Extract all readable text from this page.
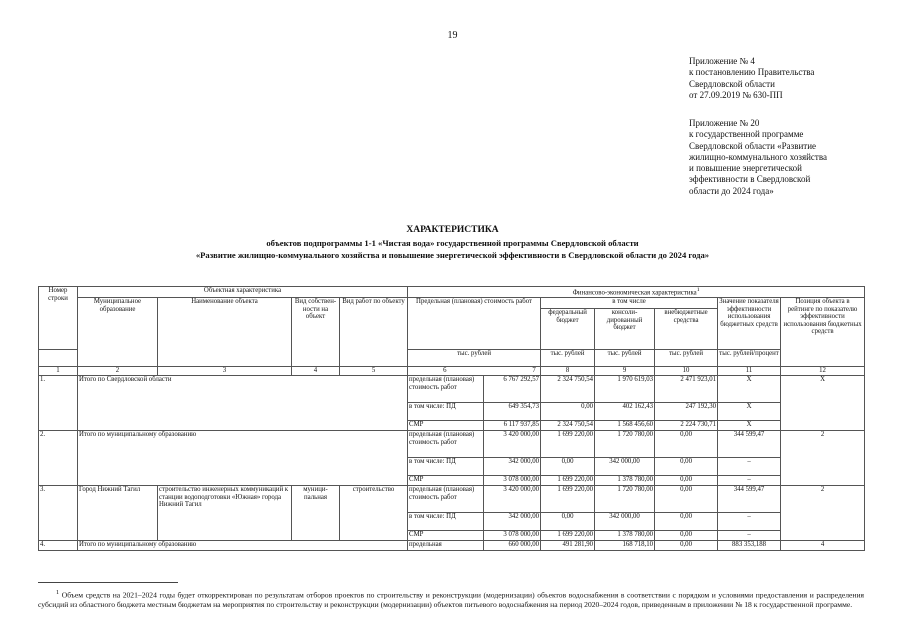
19
Приложение № 4
к постановлению Правительства
Свердловской области
от 27.09.2019 № 630-ПП
Приложение № 20
к государственной программе
Свердловской области «Развитие
жилищно-коммунального хозяйства
и повышение энергетической
эффективности в Свердловской
области до 2024 года»
ХАРАКТЕРИСТИКА
объектов подпрограммы 1-1 «Чистая вода» государственной программы Свердловской области
«Развитие жилищно-коммунального хозяйства и повышение энергетической эффективности в Свердловской области до 2024 года»
Номер строки	Объектная характеристика				Финансово-экономическая характеристика$^1$
	Муниципальное образование	Наименование объекта	Вид собствен-ности на объект	Вид работ по объекту	Предельная (плановая) стоимость работ		в том числе			Значение показателя эффективности использования бюджетных средств	Позиция объекта в рейтинге по показателю эффективности использования бюджетных средств
							федеральный бюджет	консоли-дированный бюджет	внебюджетные средства		
					тыс. рублей		тыс. рублей	тыс. рублей	тыс. рублей	тыс. рублей/процент	
1	2	3	4	5	6 7		8	9	10	11	12
1.	Итого по Свердловской области				предельная (плановая) стоимость работ	6 767 292,57	2 324 750,54	1 970 619,03	2 471 923,01	X	X
					в том числе: ПД	649 354,73	0,00	402 162,43	247 192,30	X	
					СМР	6 117 937,85	2 324 750,54	1 568 456,60	2 224 730,71	X	
2.	Итого по муниципальному образованию				предельная (плановая) стоимость работ	3 420 000,00	1 699 220,00	1 720 780,00	0,00	344 599,47	2
					в том числе: ПД	342 000,00	0,00	342 000,00	0,00	–	
					СМР	3 078 000,00	1 699 220,00	1 378 780,00	0,00	–	
3.	Город Нижний Тагил	строительство инженерных коммуникаций к станции водоподготовки «Южная» города Нижний Тагил	муници-пальная	строительство	предельная (плановая) стоимость работ	3 420 000,00	1 699 220,00	1 720 780,00	0,00	344 599,47	2
					в том числе: ПД	342 000,00	0,00	342 000,00	0,00	–	
					СМР	3 078 000,00	1 699 220,00	1 378 780,00	0,00	–	
4.	Итого по муниципальному образованию				предельная	660 000,00	491 281,90	168 718,10	0,00	883 353,188	4
$^1$ Объем средств на 2021–2024 годы будет откорректирован по результатам отборов проектов по строительству и реконструкции (модернизации) объектов водоснабжения в соответствии с порядком и условиями предоставления и распределения субсидий из областного бюджета местным бюджетам на мероприятия по строительству и реконструкции (модернизации) объектов питьевого водоснабжения на период 2020–2024 годов, приведенным в приложении № 18 к государственной программе.
